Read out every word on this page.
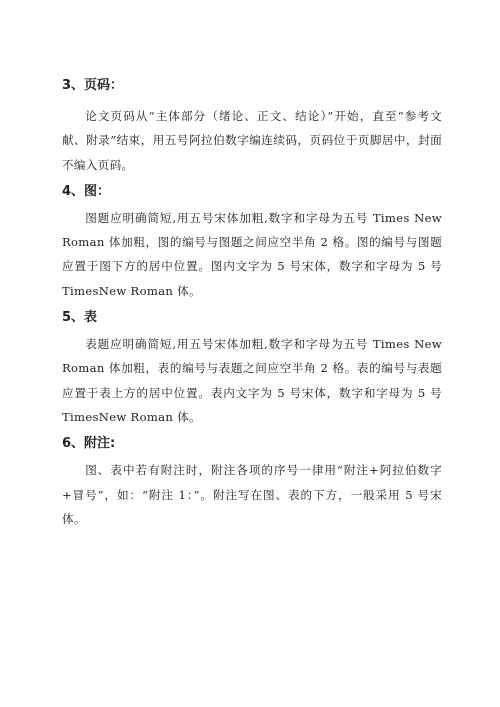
3、页码：

论文页码从“主体部分（绪论、正文、结论）”开始，直至“参考文献、附录”结束，用五号阿拉伯数字编连续码，页码位于页脚居中，封面不编入页码。

4、图：

图题应明确简短,用五号宋体加粗,数字和字母为五号 Times New Roman 体加粗，图的编号与图题之间应空半角 2 格。图的编号与图题应置于图下方的居中位置。图内文字为 5 号宋体，数字和字母为 5 号 TimesNew Roman 体。

5、表

表题应明确简短,用五号宋体加粗,数字和字母为五号 Times New Roman 体加粗，表的编号与表题之间应空半角 2 格。表的编号与表题应置于表上方的居中位置。表内文字为 5 号宋体，数字和字母为 5 号 TimesNew Roman 体。

6、附注:

图、表中若有附注时，附注各项的序号一律用“附注+阿拉伯数字+冒号”，如：“附注 1：”。附注写在图、表的下方，一般采用 5 号宋体。
